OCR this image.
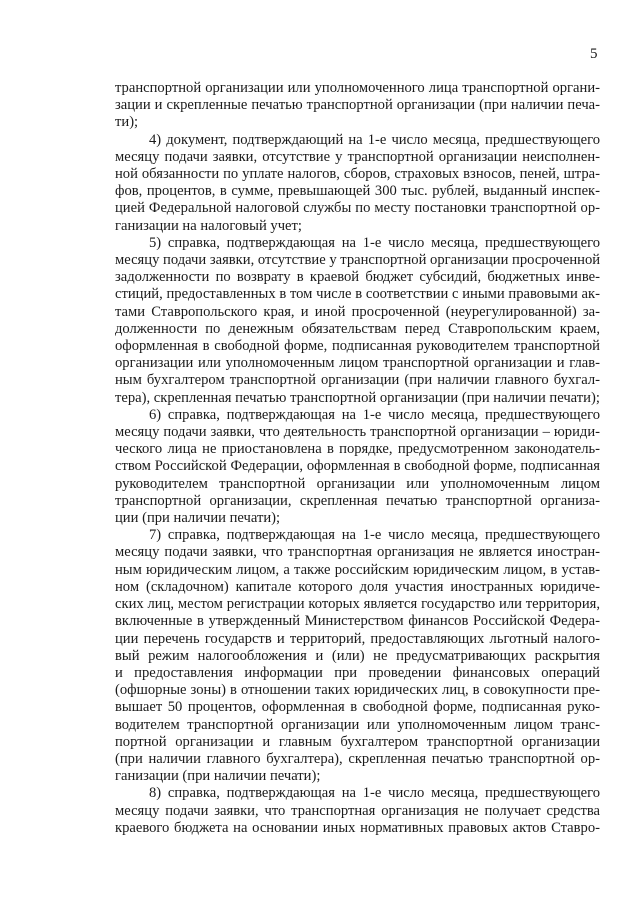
5

транспортной организации или уполномоченного лица транспортной органи-
зации и скрепленные печатью транспортной организации (при наличии печа-
ти);

4) документ, подтверждающий на 1-е число месяца, предшествующего
месяцу подачи заявки, отсутствие у транспортной организации неисполнен-
ной обязанности по уплате налогов, сборов, страховых взносов, пеней, штра-
фов, процентов, в сумме, превышающей 300 тыс. рублей, выданный инспек-
цией Федеральной налоговой службы по месту постановки транспортной ор-
ганизации на налоговый учет;

5) справка, подтверждающая на 1-е число месяца, предшествующего
месяцу подачи заявки, отсутствие у транспортной организации просроченной
задолженности по возврату в краевой бюджет субсидий, бюджетных инве-
стиций, предоставленных в том числе в соответствии с иными правовыми ак-
тами Ставропольского края, и иной просроченной (неурегулированной) за-
долженности по денежным обязательствам перед Ставропольским краем,
оформленная в свободной форме, подписанная руководителем транспортной
организации или уполномоченным лицом транспортной организации и глав-
ным бухгалтером транспортной организации (при наличии главного бухгал-
тера), скрепленная печатью транспортной организации (при наличии печати);

6) справка, подтверждающая на 1-е число месяца, предшествующего
месяцу подачи заявки, что деятельность транспортной организации – юриди-
ческого лица не приостановлена в порядке, предусмотренном законодатель-
ством Российской Федерации, оформленная в свободной форме, подписанная
руководителем транспортной организации или уполномоченным лицом
транспортной организации, скрепленная печатью транспортной организа-
ции (при наличии печати);

7) справка, подтверждающая на 1-е число месяца, предшествующего
месяцу подачи заявки, что транспортная организация не является иностран-
ным юридическим лицом, а также российским юридическим лицом, в устав-
ном (складочном) капитале которого доля участия иностранных юридиче-
ских лиц, местом регистрации которых является государство или территория,
включенные в утвержденный Министерством финансов Российской Федера-
ции перечень государств и территорий, предоставляющих льготный налого-
вый режим налогообложения и (или) не предусматривающих раскрытия
и предоставления информации при проведении финансовых операций
(офшорные зоны) в отношении таких юридических лиц, в совокупности пре-
вышает 50 процентов, оформленная в свободной форме, подписанная руко-
водителем транспортной организации или уполномоченным лицом транс-
портной организации и главным бухгалтером транспортной организации
(при наличии главного бухгалтера), скрепленная печатью транспортной ор-
ганизации (при наличии печати);

8) справка, подтверждающая на 1-е число месяца, предшествующего
месяцу подачи заявки, что транспортная организация не получает средства
краевого бюджета на основании иных нормативных правовых актов Ставро-
